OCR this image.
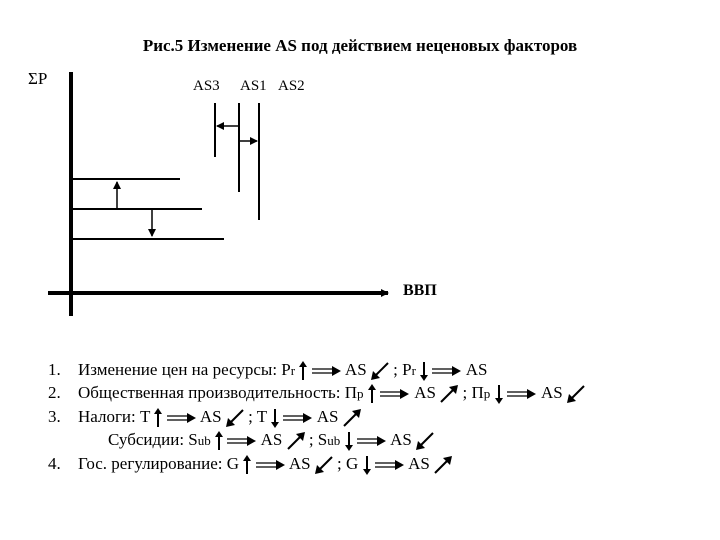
Рис.5 Изменение AS под действием неценовых факторов
ΣP
ВВП
AS3 AS1 AS2
1. Изменение цен на ресурсы: Pr	AS ; Pr	AS
2. Общественная производительность: Пр	AS ; Пр	AS
3. Налоги: T	AS ; T	AS
Субсидии: Sub	AS ; Sub	AS
4. Гос. регулирование: G	AS ; G	AS
